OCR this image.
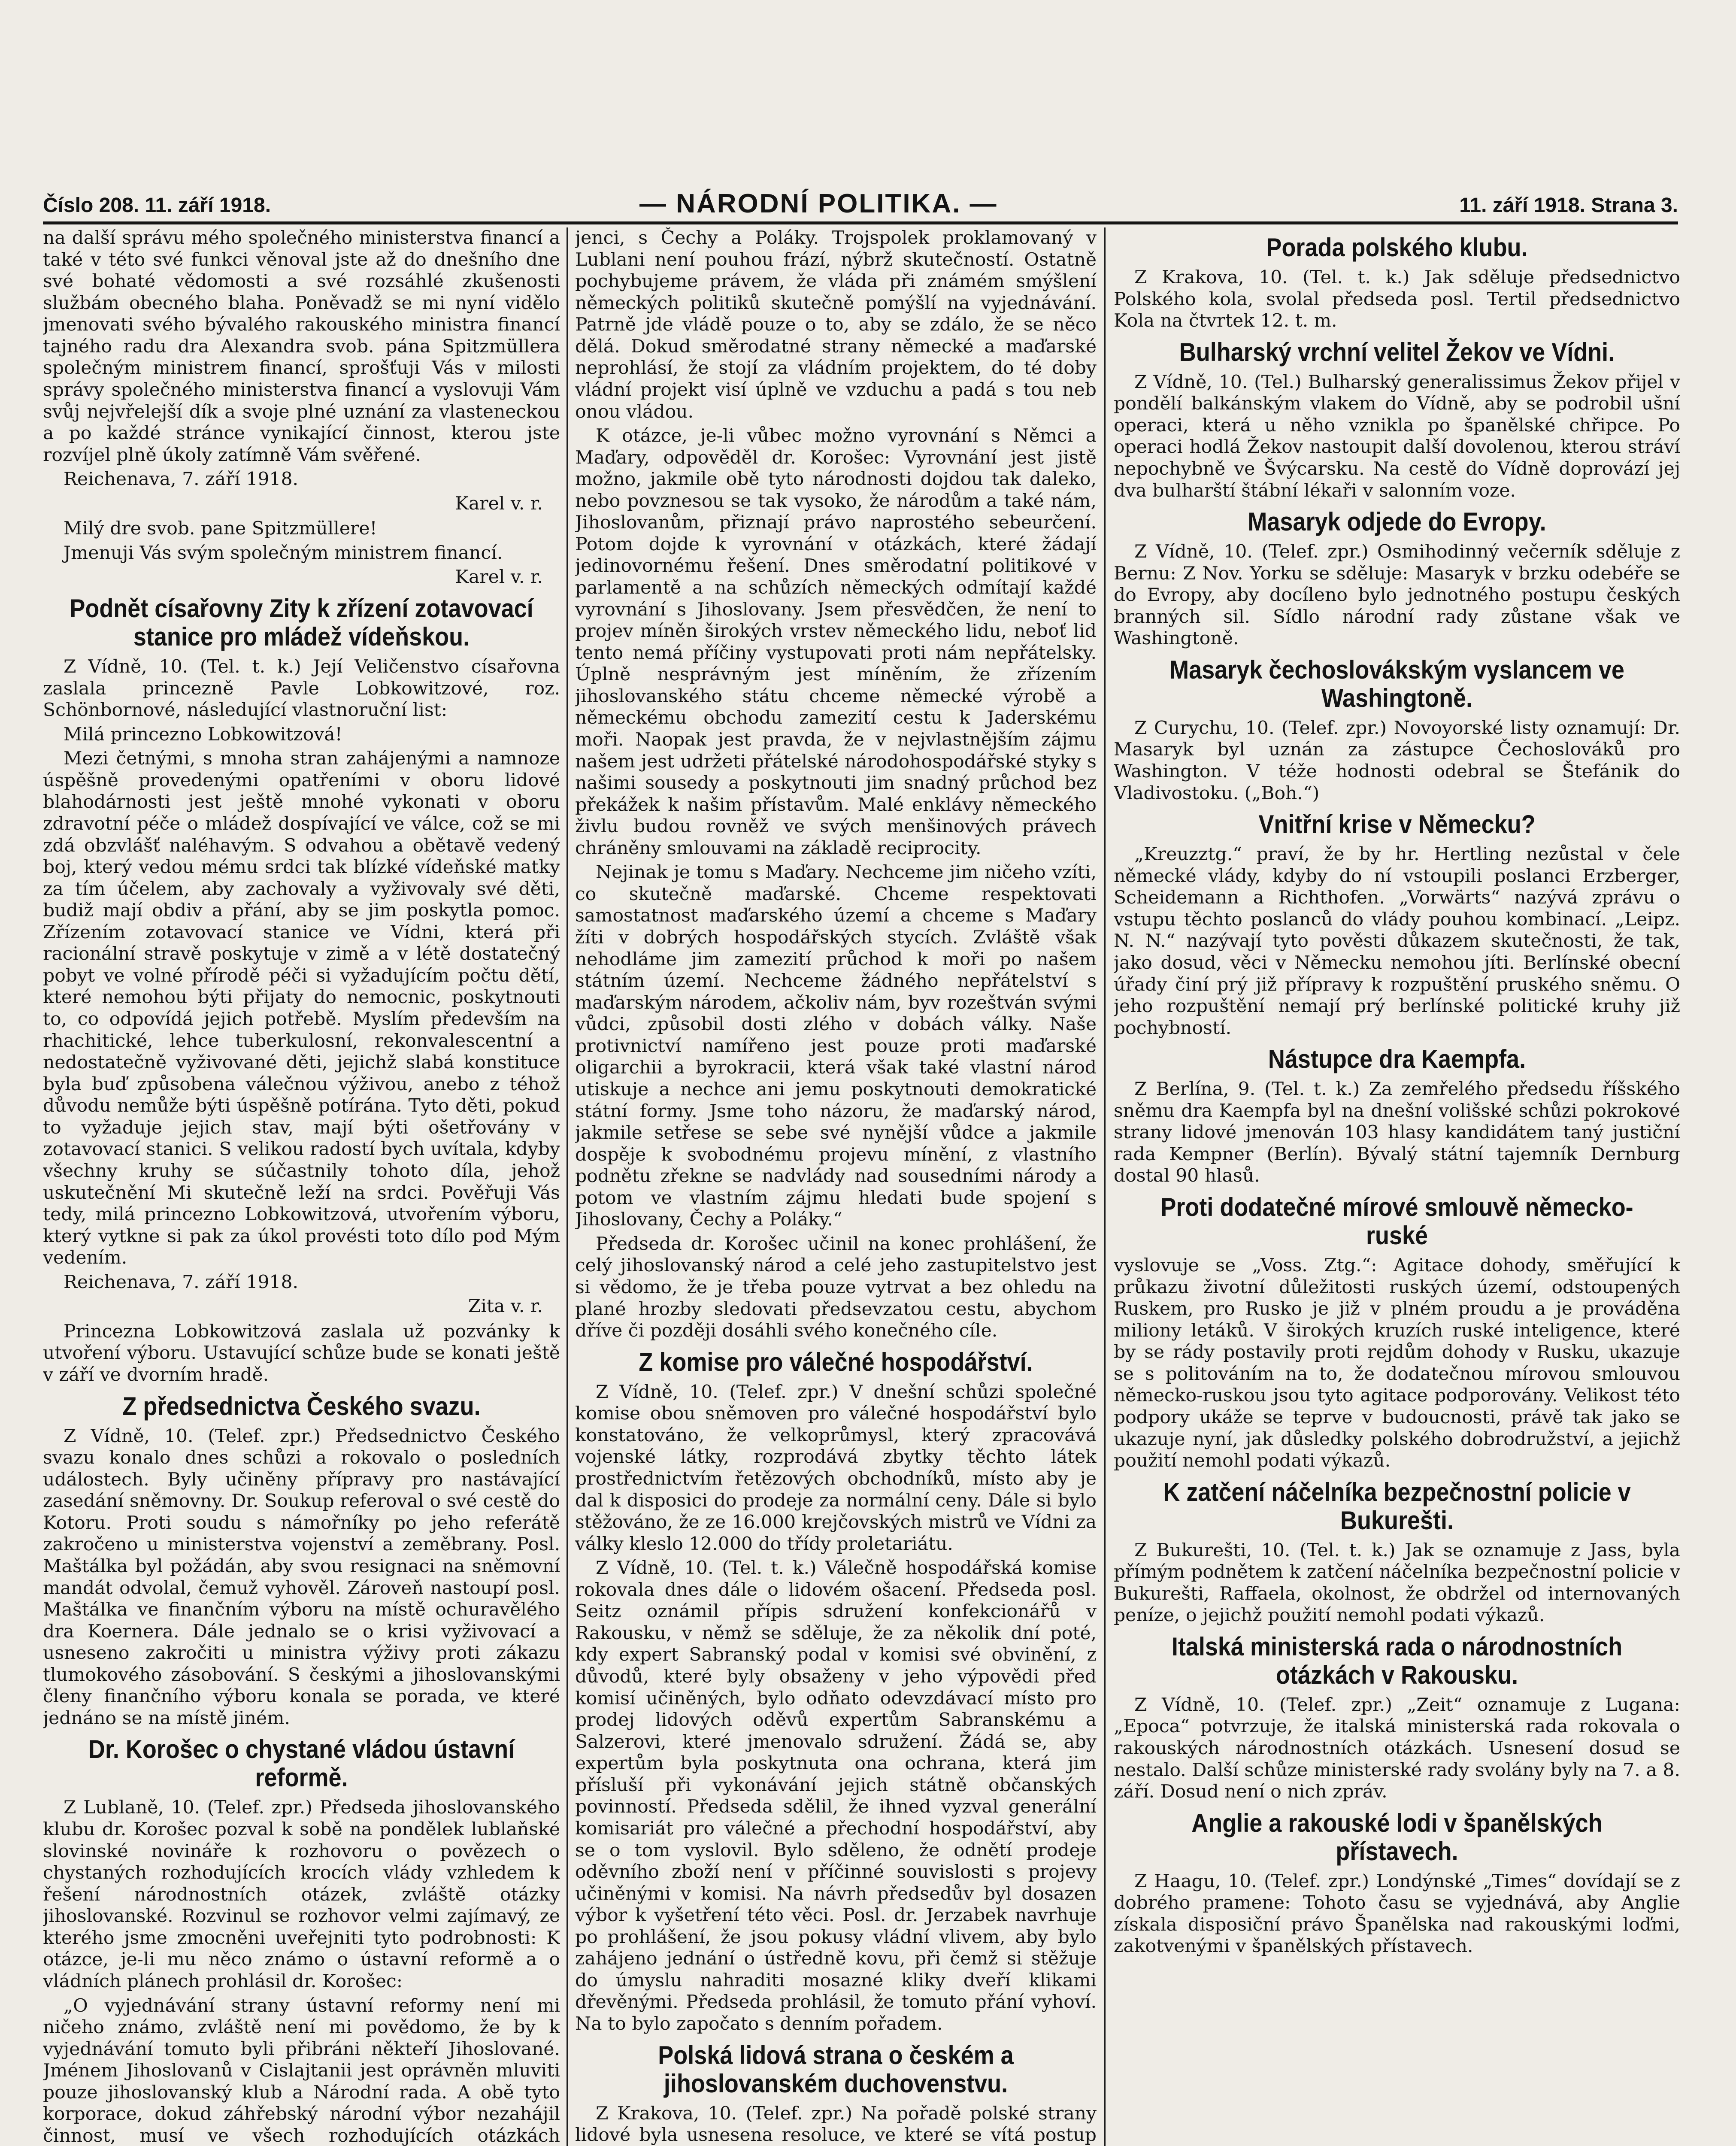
Číslo 208. 11. září 1918.	— NÁRODNÍ POLITIKA. —	11. září 1918. Strana 3.

na další správu mého společného ministerstva financí a také v této své funkci věnoval jste až do dnešního dne své bohaté vědomosti a své rozsáhlé zkušenosti službám obecného blaha. Poněvadž se mi nyní vidělo jmenovati svého bývalého rakouského ministra financí tajného radu dra Alexandra svob. pána Spitzmüllera společným ministrem financí, sprošťuji Vás v milosti správy společného ministerstva financí a vyslovuji Vám svůj nejvřelejší dík a svoje plné uznání za vlasteneckou a po každé stránce vynikající činnost, kterou jste rozvíjel plně úkoly zatímně Vám svěřené.

Reichenava, 7. září 1918.

Karel v. r.

Milý dre svob. pane Spitzmüllere!

Jmenuji Vás svým společným ministrem financí.

Karel v. r.
Podnět císařovny Zity k zřízení zotavovací stanice pro mládež vídeňskou.

Z Vídně, 10. (Tel. t. k.) Její Veličenstvo císařovna zaslala princezně Pavle Lobkowitzové, roz. Schönbornové, následující vlastnoruční list:

Milá princezno Lobkowitzová!

Mezi četnými, s mnoha stran zahájenými a namnoze úspěšně provedenými opatřeními v oboru lidové blahodárnosti jest ještě mnohé vykonati v oboru zdravotní péče o mládež dospívající ve válce, což se mi zdá obzvlášť naléhavým. S odvahou a obětavě vedený boj, který vedou mému srdci tak blízké vídeňské matky za tím účelem, aby zachovaly a vyživovaly své děti, budiž mají obdiv a přání, aby se jim poskytla pomoc. Zřízením zotavovací stanice ve Vídni, která při racionální stravě poskytuje v zimě a v létě dostatečný pobyt ve volné přírodě péči si vyžadujícím počtu dětí, které nemohou býti přijaty do nemocnic, poskytnouti to, co odpovídá jejich potřebě. Myslím především na rhachitické, lehce tuberkulosní, rekonvalescentní a nedostatečně vyživované děti, jejichž slabá konstituce byla buď způsobena válečnou výživou, anebo z téhož důvodu nemůže býti úspěšně potírána. Tyto děti, pokud to vyžaduje jejich stav, mají býti ošetřovány v zotavovací stanici. S velikou radostí bych uvítala, kdyby všechny kruhy se súčastnily tohoto díla, jehož uskutečnění Mi skutečně leží na srdci. Pověřuji Vás tedy, milá princezno Lobkowitzová, utvořením výboru, který vytkne si pak za úkol provésti toto dílo pod Mým vedením.

Reichenava, 7. září 1918.

Zita v. r.

Princezna Lobkowitzová zaslala už pozvánky k utvoření výboru. Ustavující schůze bude se konati ještě v září ve dvorním hradě.

Z předsednictva Českého svazu.

Z Vídně, 10. (Telef. zpr.) Předsednictvo Českého svazu konalo dnes schůzi a rokovalo o posledních událostech. Byly učiněny přípravy pro nastávající zasedání sněmovny. Dr. Soukup referoval o své cestě do Kotoru. Proti soudu s námořníky po jeho referátě zakročeno u ministerstva vojenství a zeměbrany. Posl. Maštálka byl požádán, aby svou resignaci na sněmovní mandát odvolal, čemuž vyhověl. Zároveň nastoupí posl. Maštálka ve finančním výboru na místě ochuravělého dra Koernera. Dále jednalo se o krisi vyživovací a usneseno zakročiti u ministra výživy proti zákazu tlumokového zásobování. S českými a jihoslovanskými členy finančního výboru konala se porada, ve které jednáno se na místě jiném.

Dr. Korošec o chystané vládou ústavní reformě.

Z Lublaně, 10. (Telef. zpr.) Předseda jihoslovanského klubu dr. Korošec pozval k sobě na pondělek lublaňské slovinské novináře k rozhovoru o povězech o chystaných rozhodujících krocích vlády vzhledem k řešení národnostních otázek, zvláště otázky jihoslovanské. Rozvinul se rozhovor velmi zajímavý, ze kterého jsme zmocněni uveřejniti tyto podrobnosti: K otázce, je-li mu něco známo o ústavní reformě a o vládních plánech prohlásil dr. Korošec:

„O vyjednávání strany ústavní reformy není mi ničeho známo, zvláště není mi povědomo, že by k vyjednávání tomuto byli přibráni někteří Jihoslované. Jménem Jihoslovanů v Cislajtanii jest oprávněn mluviti pouze jihoslovanský klub a Národní rada. A obě tyto korporace, dokud záhřebský národní výbor nezahájil činnost, musí ve všech rozhodujících otázkách

jenci, s Čechy a Poláky. Trojspolek proklamovaný v Lublani není pouhou frází, nýbrž skutečností. Ostatně pochybujeme právem, že vláda při známém smýšlení německých politiků skutečně pomýšlí na vyjednávání. Patrně jde vládě pouze o to, aby se zdálo, že se něco dělá. Dokud směrodatné strany německé a maďarské neprohlásí, že stojí za vládním projektem, do té doby vládní projekt visí úplně ve vzduchu a padá s tou neb onou vládou.

K otázce, je-li vůbec možno vyrovnání s Němci a Maďary, odpověděl dr. Korošec: Vyrovnání jest jistě možno, jakmile obě tyto národnosti dojdou tak daleko, nebo povznesou se tak vysoko, že národům a také nám, Jihoslovanům, přiznají právo naprostého sebeurčení. Potom dojde k vyrovnání v otázkách, které žádají jedinovornému řešení. Dnes směrodatní politikové v parlamentě a na schůzích německých odmítají každé vyrovnání s Jihoslovany. Jsem přesvědčen, že není to projev míněn širokých vrstev německého lidu, neboť lid tento nemá příčiny vystupovati proti nám nepřátelsky. Úplně nesprávným jest míněním, že zřízením jihoslovanského státu chceme německé výrobě a německému obchodu zamezití cestu k Jaderskému moři. Naopak jest pravda, že v nejvlastnějším zájmu našem jest udržeti přátelské národohospodářské styky s našimi sousedy a poskytnouti jim snadný průchod bez překážek k našim přístavům. Malé enklávy německého živlu budou rovněž ve svých menšinových právech chráněny smlouvami na základě reciprocity.

Nejinak je tomu s Maďary. Nechceme jim ničeho vzíti, co skutečně maďarské. Chceme respektovati samostatnost maďarského území a chceme s Maďary žíti v dobrých hospodářských stycích. Zvláště však nehodláme jim zamezití průchod k moři po našem státním území. Nechceme žádného nepřátelství s maďarským národem, ačkoliv nám, byv rozeštván svými vůdci, způsobil dosti zlého v dobách války. Naše protivnictví namířeno jest pouze proti maďarské oligarchii a byrokracii, která však také vlastní národ utiskuje a nechce ani jemu poskytnouti demokratické státní formy. Jsme toho názoru, že maďarský národ, jakmile setřese se sebe své nynější vůdce a jakmile dospěje k svobodnému projevu mínění, z vlastního podnětu zřekne se nadvlády nad sousedními národy a potom ve vlastním zájmu hledati bude spojení s Jihoslovany, Čechy a Poláky.“

Předseda dr. Korošec učinil na konec prohlášení, že celý jihoslovanský národ a celé jeho zastupitelstvo jest si vědomo, že je třeba pouze vytrvat a bez ohledu na plané hrozby sledovati předsevzatou cestu, abychom dříve či později dosáhli svého konečného cíle.

Z komise pro válečné hospodářství.

Z Vídně, 10. (Telef. zpr.) V dnešní schůzi společné komise obou sněmoven pro válečné hospodářství bylo konstatováno, že velkoprůmysl, který zpracovává vojenské látky, rozprodává zbytky těchto látek prostřednictvím řetězových obchodníků, místo aby je dal k disposici do prodeje za normální ceny. Dále si bylo stěžováno, že ze 16.000 krejčovských mistrů ve Vídni za války kleslo 12.000 do třídy proletariátu.

Z Vídně, 10. (Tel. t. k.) Válečně hospodářská komise rokovala dnes dále o lidovém ošacení. Předseda posl. Seitz oznámil přípis sdružení konfekcionářů v Rakousku, v němž se sděluje, že za několik dní poté, kdy expert Sabranský podal v komisi své obvinění, z důvodů, které byly obsaženy v jeho výpovědi před komisí učiněných, bylo odňato odevzdávací místo pro prodej lidových oděvů expertům Sabranskému a Salzerovi, které jmenovalo sdružení. Žádá se, aby expertům byla poskytnuta ona ochrana, která jim přísluší při vykonávání jejich státně občanských povinností. Předseda sdělil, že ihned vyzval generální komisariát pro válečné a přechodní hospodářství, aby se o tom vyslovil. Bylo sděleno, že odnětí prodeje oděvního zboží není v příčinné souvislosti s projevy učiněnými v komisi. Na návrh předsedův byl dosazen výbor k vyšetření této věci. Posl. dr. Jerzabek navrhuje po prohlášení, že jsou pokusy vládní vlivem, aby bylo zahájeno jednání o ústředně kovu, při čemž si stěžuje do úmyslu nahraditi mosazné kliky dveří klikami dřevěnými. Předseda prohlásil, že tomuto přání vyhoví. Na to bylo započato s denním pořadem.

Polská lidová strana o českém a jihoslovanském duchovenstvu.

Z Krakova, 10. (Telef. zpr.) Na pořadě polské strany lidové byla usnesena resoluce, ve které se vítá postup

Porada polského klubu.

Z Krakova, 10. (Tel. t. k.) Jak sděluje předsednictvo Polského kola, svolal předseda posl. Tertil předsednictvo Kola na čtvrtek 12. t. m.

Bulharský vrchní velitel Žekov ve Vídni.

Z Vídně, 10. (Tel.) Bulharský generalissimus Žekov přijel v pondělí balkánským vlakem do Vídně, aby se podrobil ušní operaci, která u něho vznikla po španělské chřipce. Po operaci hodlá Žekov nastoupit další dovolenou, kterou stráví nepochybně ve Švýcarsku. Na cestě do Vídně doprovází jej dva bulharští štábní lékaři v salonním voze.

Masaryk odjede do Evropy.

Z Vídně, 10. (Telef. zpr.) Osmihodinný večerník sděluje z Bernu: Z Nov. Yorku se sděluje: Masaryk v brzku odebéře se do Evropy, aby docíleno bylo jednotného postupu českých branných sil. Sídlo národní rady zůstane však ve Washingtoně.

Masaryk čechoslovákským vyslancem ve Washingtoně.

Z Curychu, 10. (Telef. zpr.) Novoyorské listy oznamují: Dr. Masaryk byl uznán za zástupce Čechoslováků pro Washington. V téže hodnosti odebral se Štefánik do Vladivostoku. („Boh.“)

Vnitřní krise v Německu?

„Kreuzztg.“ praví, že by hr. Hertling nezůstal v čele německé vlády, kdyby do ní vstoupili poslanci Erzberger, Scheidemann a Richthofen. „Vorwärts“ nazývá zprávu o vstupu těchto poslanců do vlády pouhou kombinací. „Leipz. N. N.“ nazývají tyto pověsti důkazem skutečnosti, že tak, jako dosud, věci v Německu nemohou jíti. Berlínské obecní úřady činí prý již přípravy k rozpuštění pruského sněmu. O jeho rozpuštění nemají prý berlínské politické kruhy již pochybností.

Nástupce dra Kaempfa.

Z Berlína, 9. (Tel. t. k.) Za zemřelého předsedu říšského sněmu dra Kaempfa byl na dnešní volišské schůzi pokrokové strany lidové jmenován 103 hlasy kandidátem taný justiční rada Kempner (Berlín). Bývalý státní tajemník Dernburg dostal 90 hlasů.

Proti dodatečné mírové smlouvě německo-ruské

vyslovuje se „Voss. Ztg.“: Agitace dohody, směřující k průkazu životní důležitosti ruských území, odstoupených Ruskem, pro Rusko je již v plném proudu a je prováděna miliony letáků. V širokých kruzích ruské inteligence, které by se rády postavily proti rejdům dohody v Rusku, ukazuje se s politováním na to, že dodatečnou mírovou smlouvou německo-ruskou jsou tyto agitace podporovány. Velikost této podpory ukáže se teprve v budoucnosti, právě tak jako se ukazuje nyní, jak důsledky polského dobrodružství, a jejichž použití nemohl podati výkazů.

K zatčení náčelníka bezpečnostní policie v Bukurešti.

Z Bukurešti, 10. (Tel. t. k.) Jak se oznamuje z Jass, byla přímým podnětem k zatčení náčelníka bezpečnostní policie v Bukurešti, Raffaela, okolnost, že obdržel od internovaných peníze, o jejichž použití nemohl podati výkazů.

Italská ministerská rada o národnostních otázkách v Rakousku.

Z Vídně, 10. (Telef. zpr.) „Zeit“ oznamuje z Lugana: „Epoca“ potvrzuje, že italská ministerská rada rokovala o rakouských národnostních otázkách. Usnesení dosud se nestalo. Další schůze ministerské rady svolány byly na 7. a 8. září. Dosud není o nich zpráv.

Anglie a rakouské lodi v španělských přístavech.

Z Haagu, 10. (Telef. zpr.) Londýnské „Times“ dovídají se z dobrého pramene: Tohoto času se vyjednává, aby Anglie získala disposiční právo Španělska nad rakouskými loďmi, zakotvenými v španělských přístavech.
